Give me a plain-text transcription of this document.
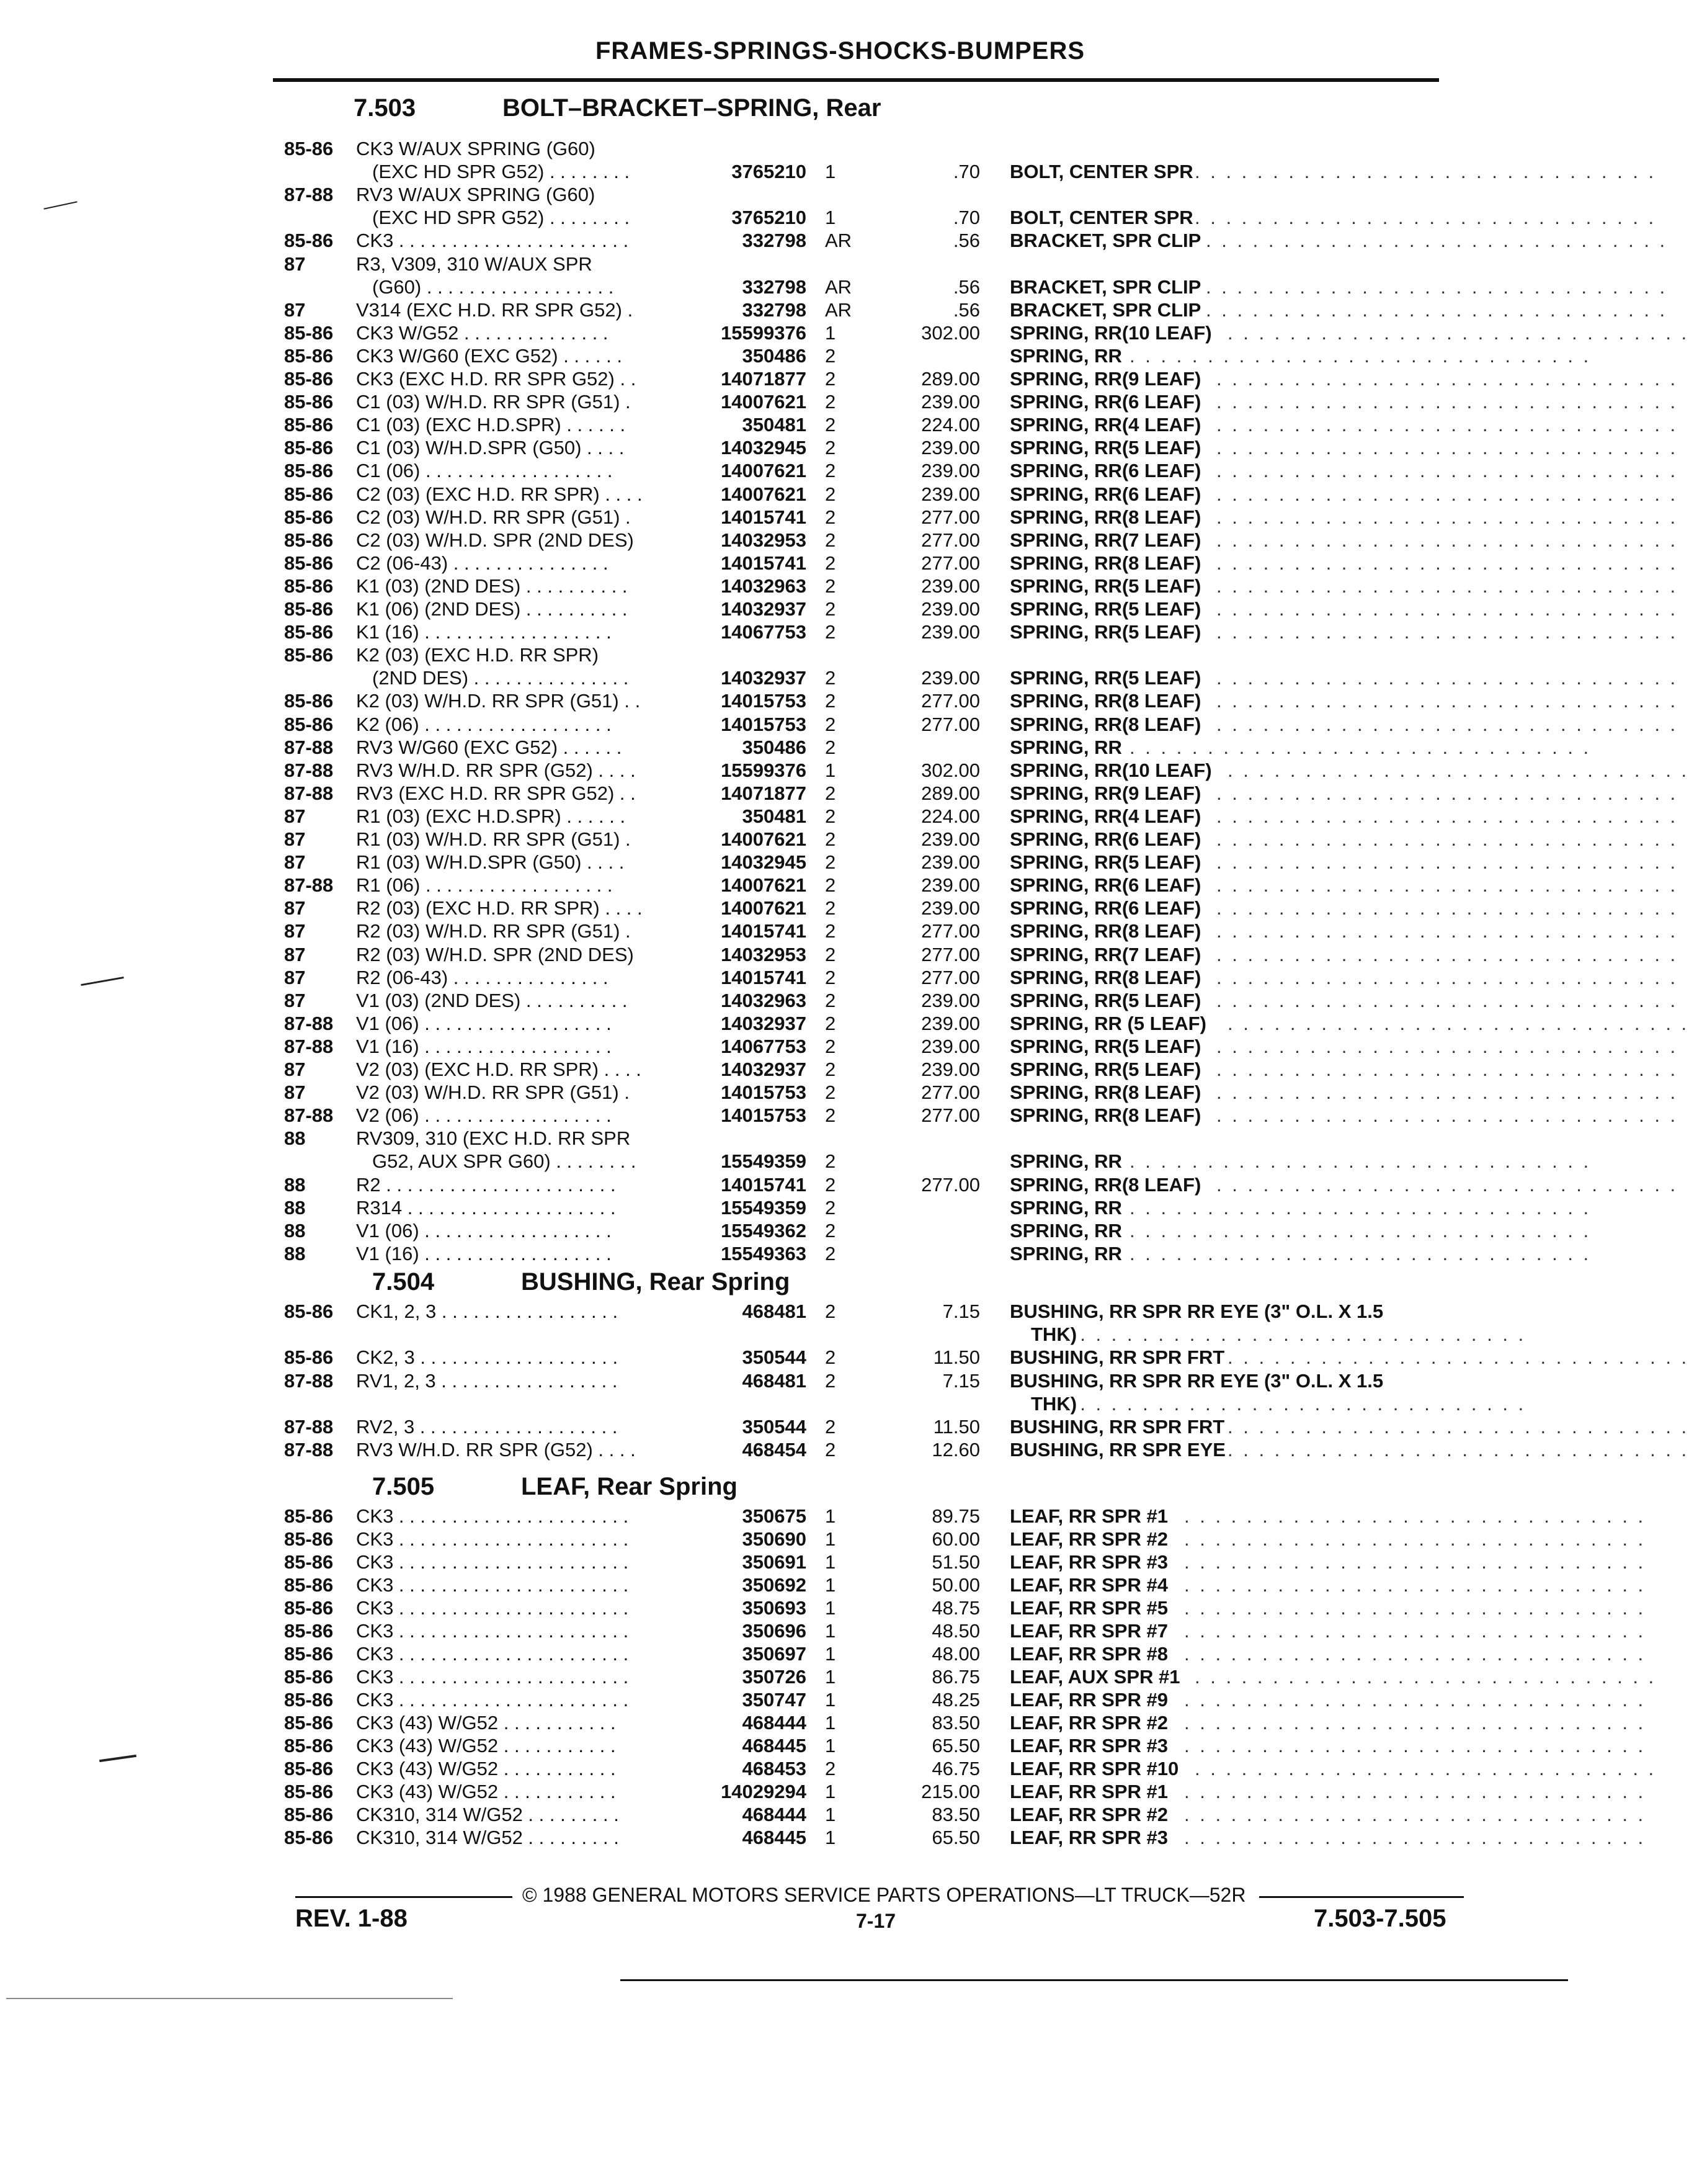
FRAMES-SPRINGS-SHOCKS-BUMPERS
7.503	BOLT–BRACKET–SPRING, Rear
85-86 CK3 W/AUX SPRING (G60)
(EXC HD SPR G52) . . . . . . . .	3765210 1	.70 BOLT, CENTER SPR . . . . . . . . . . . . . . . . . . . . . . . . . . . . . .
87-88 RV3 W/AUX SPRING (G60)
(EXC HD SPR G52) . . . . . . . .	3765210 1	.70 BOLT, CENTER SPR . . . . . . . . . . . . . . . . . . . . . . . . . . . . . .
85-86 CK3 . . . . . . . . . . . . . . . . . . . . . .	332798 AR	.56 BRACKET, SPR CLIP . . . . . . . . . . . . . . . . . . . . . . . . . . . . . .
87	R3, V309, 310 W/AUX SPR
(G60) . . . . . . . . . . . . . . . . . .	332798 AR	.56 BRACKET, SPR CLIP . . . . . . . . . . . . . . . . . . . . . . . . . . . . . .
87	V314 (EXC H.D. RR SPR G52) .	332798 AR	.56 BRACKET, SPR CLIP . . . . . . . . . . . . . . . . . . . . . . . . . . . . . .
85-86 CK3 W/G52 . . . . . . . . . . . . . .	15599376 1	302.00 SPRING, RR(10 LEAF) . . . . . . . . . . . . . . . . . . . . . . . . . . . . . .
85-86 CK3 W/G60 (EXC G52) . . . . . .	350486 2	SPRING, RR . . . . . . . . . . . . . . . . . . . . . . . . . . . . . .
85-86 CK3 (EXC H.D. RR SPR G52) . .	14071877 2	289.00 SPRING, RR(9 LEAF) . . . . . . . . . . . . . . . . . . . . . . . . . . . . . .
85-86 C1 (03) W/H.D. RR SPR (G51) .	14007621 2	239.00 SPRING, RR(6 LEAF) . . . . . . . . . . . . . . . . . . . . . . . . . . . . . .
85-86 C1 (03) (EXC H.D.SPR) . . . . . .	350481 2	224.00 SPRING, RR(4 LEAF) . . . . . . . . . . . . . . . . . . . . . . . . . . . . . .
85-86 C1 (03) W/H.D.SPR (G50) . . . .	14032945 2	239.00 SPRING, RR(5 LEAF) . . . . . . . . . . . . . . . . . . . . . . . . . . . . . .
85-86 C1 (06) . . . . . . . . . . . . . . . . . .	14007621 2	239.00 SPRING, RR(6 LEAF) . . . . . . . . . . . . . . . . . . . . . . . . . . . . . .
85-86 C2 (03) (EXC H.D. RR SPR) . . . .	14007621 2	239.00 SPRING, RR(6 LEAF) . . . . . . . . . . . . . . . . . . . . . . . . . . . . . .
85-86 C2 (03) W/H.D. RR SPR (G51) .	14015741 2	277.00 SPRING, RR(8 LEAF) . . . . . . . . . . . . . . . . . . . . . . . . . . . . . .
85-86 C2 (03) W/H.D. SPR (2ND DES)	14032953 2	277.00 SPRING, RR(7 LEAF) . . . . . . . . . . . . . . . . . . . . . . . . . . . . . .
85-86 C2 (06-43) . . . . . . . . . . . . . . .	14015741 2	277.00 SPRING, RR(8 LEAF) . . . . . . . . . . . . . . . . . . . . . . . . . . . . . .
85-86 K1 (03) (2ND DES) . . . . . . . . . .	14032963 2	239.00 SPRING, RR(5 LEAF) . . . . . . . . . . . . . . . . . . . . . . . . . . . . . .
85-86 K1 (06) (2ND DES) . . . . . . . . . .	14032937 2	239.00 SPRING, RR(5 LEAF) . . . . . . . . . . . . . . . . . . . . . . . . . . . . . .
85-86 K1 (16) . . . . . . . . . . . . . . . . . .	14067753 2	239.00 SPRING, RR(5 LEAF) . . . . . . . . . . . . . . . . . . . . . . . . . . . . . .
85-86 K2 (03) (EXC H.D. RR SPR)
(2ND DES) . . . . . . . . . . . . . . .	14032937 2	239.00 SPRING, RR(5 LEAF) . . . . . . . . . . . . . . . . . . . . . . . . . . . . . .
85-86 K2 (03) W/H.D. RR SPR (G51) . .	14015753 2	277.00 SPRING, RR(8 LEAF) . . . . . . . . . . . . . . . . . . . . . . . . . . . . . .
85-86 K2 (06) . . . . . . . . . . . . . . . . . .	14015753 2	277.00 SPRING, RR(8 LEAF) . . . . . . . . . . . . . . . . . . . . . . . . . . . . . .
87-88 RV3 W/G60 (EXC G52) . . . . . .	350486 2	SPRING, RR . . . . . . . . . . . . . . . . . . . . . . . . . . . . . .
87-88 RV3 W/H.D. RR SPR (G52) . . . .	15599376 1	302.00 SPRING, RR(10 LEAF) . . . . . . . . . . . . . . . . . . . . . . . . . . . . . .
87-88 RV3 (EXC H.D. RR SPR G52) . .	14071877 2	289.00 SPRING, RR(9 LEAF) . . . . . . . . . . . . . . . . . . . . . . . . . . . . . .
87	R1 (03) (EXC H.D.SPR) . . . . . .	350481 2	224.00 SPRING, RR(4 LEAF) . . . . . . . . . . . . . . . . . . . . . . . . . . . . . .
87	R1 (03) W/H.D. RR SPR (G51) .	14007621 2	239.00 SPRING, RR(6 LEAF) . . . . . . . . . . . . . . . . . . . . . . . . . . . . . .
87	R1 (03) W/H.D.SPR (G50) . . . .	14032945 2	239.00 SPRING, RR(5 LEAF) . . . . . . . . . . . . . . . . . . . . . . . . . . . . . .
87-88 R1 (06) . . . . . . . . . . . . . . . . . .	14007621 2	239.00 SPRING, RR(6 LEAF) . . . . . . . . . . . . . . . . . . . . . . . . . . . . . .
87	R2 (03) (EXC H.D. RR SPR) . . . .	14007621 2	239.00 SPRING, RR(6 LEAF) . . . . . . . . . . . . . . . . . . . . . . . . . . . . . .
87	R2 (03) W/H.D. RR SPR (G51) .	14015741 2	277.00 SPRING, RR(8 LEAF) . . . . . . . . . . . . . . . . . . . . . . . . . . . . . .
87	R2 (03) W/H.D. SPR (2ND DES)	14032953 2	277.00 SPRING, RR(7 LEAF) . . . . . . . . . . . . . . . . . . . . . . . . . . . . . .
87	R2 (06-43) . . . . . . . . . . . . . . .	14015741 2	277.00 SPRING, RR(8 LEAF) . . . . . . . . . . . . . . . . . . . . . . . . . . . . . .
87	V1 (03) (2ND DES) . . . . . . . . . .	14032963 2	239.00 SPRING, RR(5 LEAF) . . . . . . . . . . . . . . . . . . . . . . . . . . . . . .
87-88 V1 (06) . . . . . . . . . . . . . . . . . .	14032937 2	239.00 SPRING, RR (5 LEAF) . . . . . . . . . . . . . . . . . . . . . . . . . . . . . .
87-88 V1 (16) . . . . . . . . . . . . . . . . . .	14067753 2	239.00 SPRING, RR(5 LEAF) . . . . . . . . . . . . . . . . . . . . . . . . . . . . . .
87	V2 (03) (EXC H.D. RR SPR) . . . .	14032937 2	239.00 SPRING, RR(5 LEAF) . . . . . . . . . . . . . . . . . . . . . . . . . . . . . .
87	V2 (03) W/H.D. RR SPR (G51) .	14015753 2	277.00 SPRING, RR(8 LEAF) . . . . . . . . . . . . . . . . . . . . . . . . . . . . . .
87-88 V2 (06) . . . . . . . . . . . . . . . . . .	14015753 2	277.00 SPRING, RR(8 LEAF) . . . . . . . . . . . . . . . . . . . . . . . . . . . . . .
88	RV309, 310 (EXC H.D. RR SPR
G52, AUX SPR G60) . . . . . . . .	15549359 2	SPRING, RR . . . . . . . . . . . . . . . . . . . . . . . . . . . . . .
88	R2 . . . . . . . . . . . . . . . . . . . . . .	14015741 2	277.00 SPRING, RR(8 LEAF) . . . . . . . . . . . . . . . . . . . . . . . . . . . . . .
88	R314 . . . . . . . . . . . . . . . . . . . .	15549359 2	SPRING, RR . . . . . . . . . . . . . . . . . . . . . . . . . . . . . .
88	V1 (06) . . . . . . . . . . . . . . . . . .	15549362 2	SPRING, RR . . . . . . . . . . . . . . . . . . . . . . . . . . . . . .
88	V1 (16) . . . . . . . . . . . . . . . . . .	15549363 2	SPRING, RR . . . . . . . . . . . . . . . . . . . . . . . . . . . . . .
7.504	BUSHING, Rear Spring
85-86 CK1, 2, 3 . . . . . . . . . . . . . . . . .	468481 2	7.15 BUSHING, RR SPR RR EYE (3" O.L. X 1.5
THK)
. . . . . . . . . . . . . . . . . . . . . . . . . . . . . .
85-86 CK2, 3 . . . . . . . . . . . . . . . . . . .	350544 2	11.50 BUSHING, RR SPR FRT . . . . . . . . . . . . . . . . . . . . . . . . . . . . . .
87-88 RV1, 2, 3 . . . . . . . . . . . . . . . . .	468481 2	7.15 BUSHING, RR SPR RR EYE (3" O.L. X 1.5
THK)
. . . . . . . . . . . . . . . . . . . . . . . . . . . . . .
87-88 RV2, 3 . . . . . . . . . . . . . . . . . . .	350544 2	11.50 BUSHING, RR SPR FRT . . . . . . . . . . . . . . . . . . . . . . . . . . . . . .
87-88 RV3 W/H.D. RR SPR (G52) . . . .	468454 2	12.60 BUSHING, RR SPR EYE . . . . . . . . . . . . . . . . . . . . . . . . . . . . . .
7.505	LEAF, Rear Spring
85-86 CK3 . . . . . . . . . . . . . . . . . . . . . .	350675 1	89.75 LEAF, RR SPR #1 . . . . . . . . . . . . . . . . . . . . . . . . . . . . . .
85-86 CK3 . . . . . . . . . . . . . . . . . . . . . .	350690 1	60.00 LEAF, RR SPR #2 . . . . . . . . . . . . . . . . . . . . . . . . . . . . . .
85-86 CK3 . . . . . . . . . . . . . . . . . . . . . .	350691 1	51.50 LEAF, RR SPR #3 . . . . . . . . . . . . . . . . . . . . . . . . . . . . . .
85-86 CK3 . . . . . . . . . . . . . . . . . . . . . .	350692 1	50.00 LEAF, RR SPR #4 . . . . . . . . . . . . . . . . . . . . . . . . . . . . . .
85-86 CK3 . . . . . . . . . . . . . . . . . . . . . .	350693 1	48.75 LEAF, RR SPR #5 . . . . . . . . . . . . . . . . . . . . . . . . . . . . . .
85-86 CK3 . . . . . . . . . . . . . . . . . . . . . .	350696 1	48.50 LEAF, RR SPR #7 . . . . . . . . . . . . . . . . . . . . . . . . . . . . . .
85-86 CK3 . . . . . . . . . . . . . . . . . . . . . .	350697 1	48.00 LEAF, RR SPR #8 . . . . . . . . . . . . . . . . . . . . . . . . . . . . . .
85-86 CK3 . . . . . . . . . . . . . . . . . . . . . .	350726 1	86.75 LEAF, AUX SPR #1 . . . . . . . . . . . . . . . . . . . . . . . . . . . . . .
85-86 CK3 . . . . . . . . . . . . . . . . . . . . . .	350747 1	48.25 LEAF, RR SPR #9 . . . . . . . . . . . . . . . . . . . . . . . . . . . . . .
85-86 CK3 (43) W/G52 . . . . . . . . . . .	468444 1	83.50 LEAF, RR SPR #2 . . . . . . . . . . . . . . . . . . . . . . . . . . . . . .
85-86 CK3 (43) W/G52 . . . . . . . . . . .	468445 1	65.50 LEAF, RR SPR #3 . . . . . . . . . . . . . . . . . . . . . . . . . . . . . .
85-86 CK3 (43) W/G52 . . . . . . . . . . .	468453 2	46.75 LEAF, RR SPR #10 . . . . . . . . . . . . . . . . . . . . . . . . . . . . . .
85-86 CK3 (43) W/G52 . . . . . . . . . . .	14029294 1	215.00 LEAF, RR SPR #1 . . . . . . . . . . . . . . . . . . . . . . . . . . . . . .
85-86 CK310, 314 W/G52 . . . . . . . . .	468444 1	83.50 LEAF, RR SPR #2 . . . . . . . . . . . . . . . . . . . . . . . . . . . . . .
85-86 CK310, 314 W/G52 . . . . . . . . .	468445 1	65.50 LEAF, RR SPR #3 . . . . . . . . . . . . . . . . . . . . . . . . . . . . . .
© 1988 GENERAL MOTORS SERVICE PARTS OPERATIONS—LT TRUCK—52R
REV. 1-88	7-17	7.503-7.505
